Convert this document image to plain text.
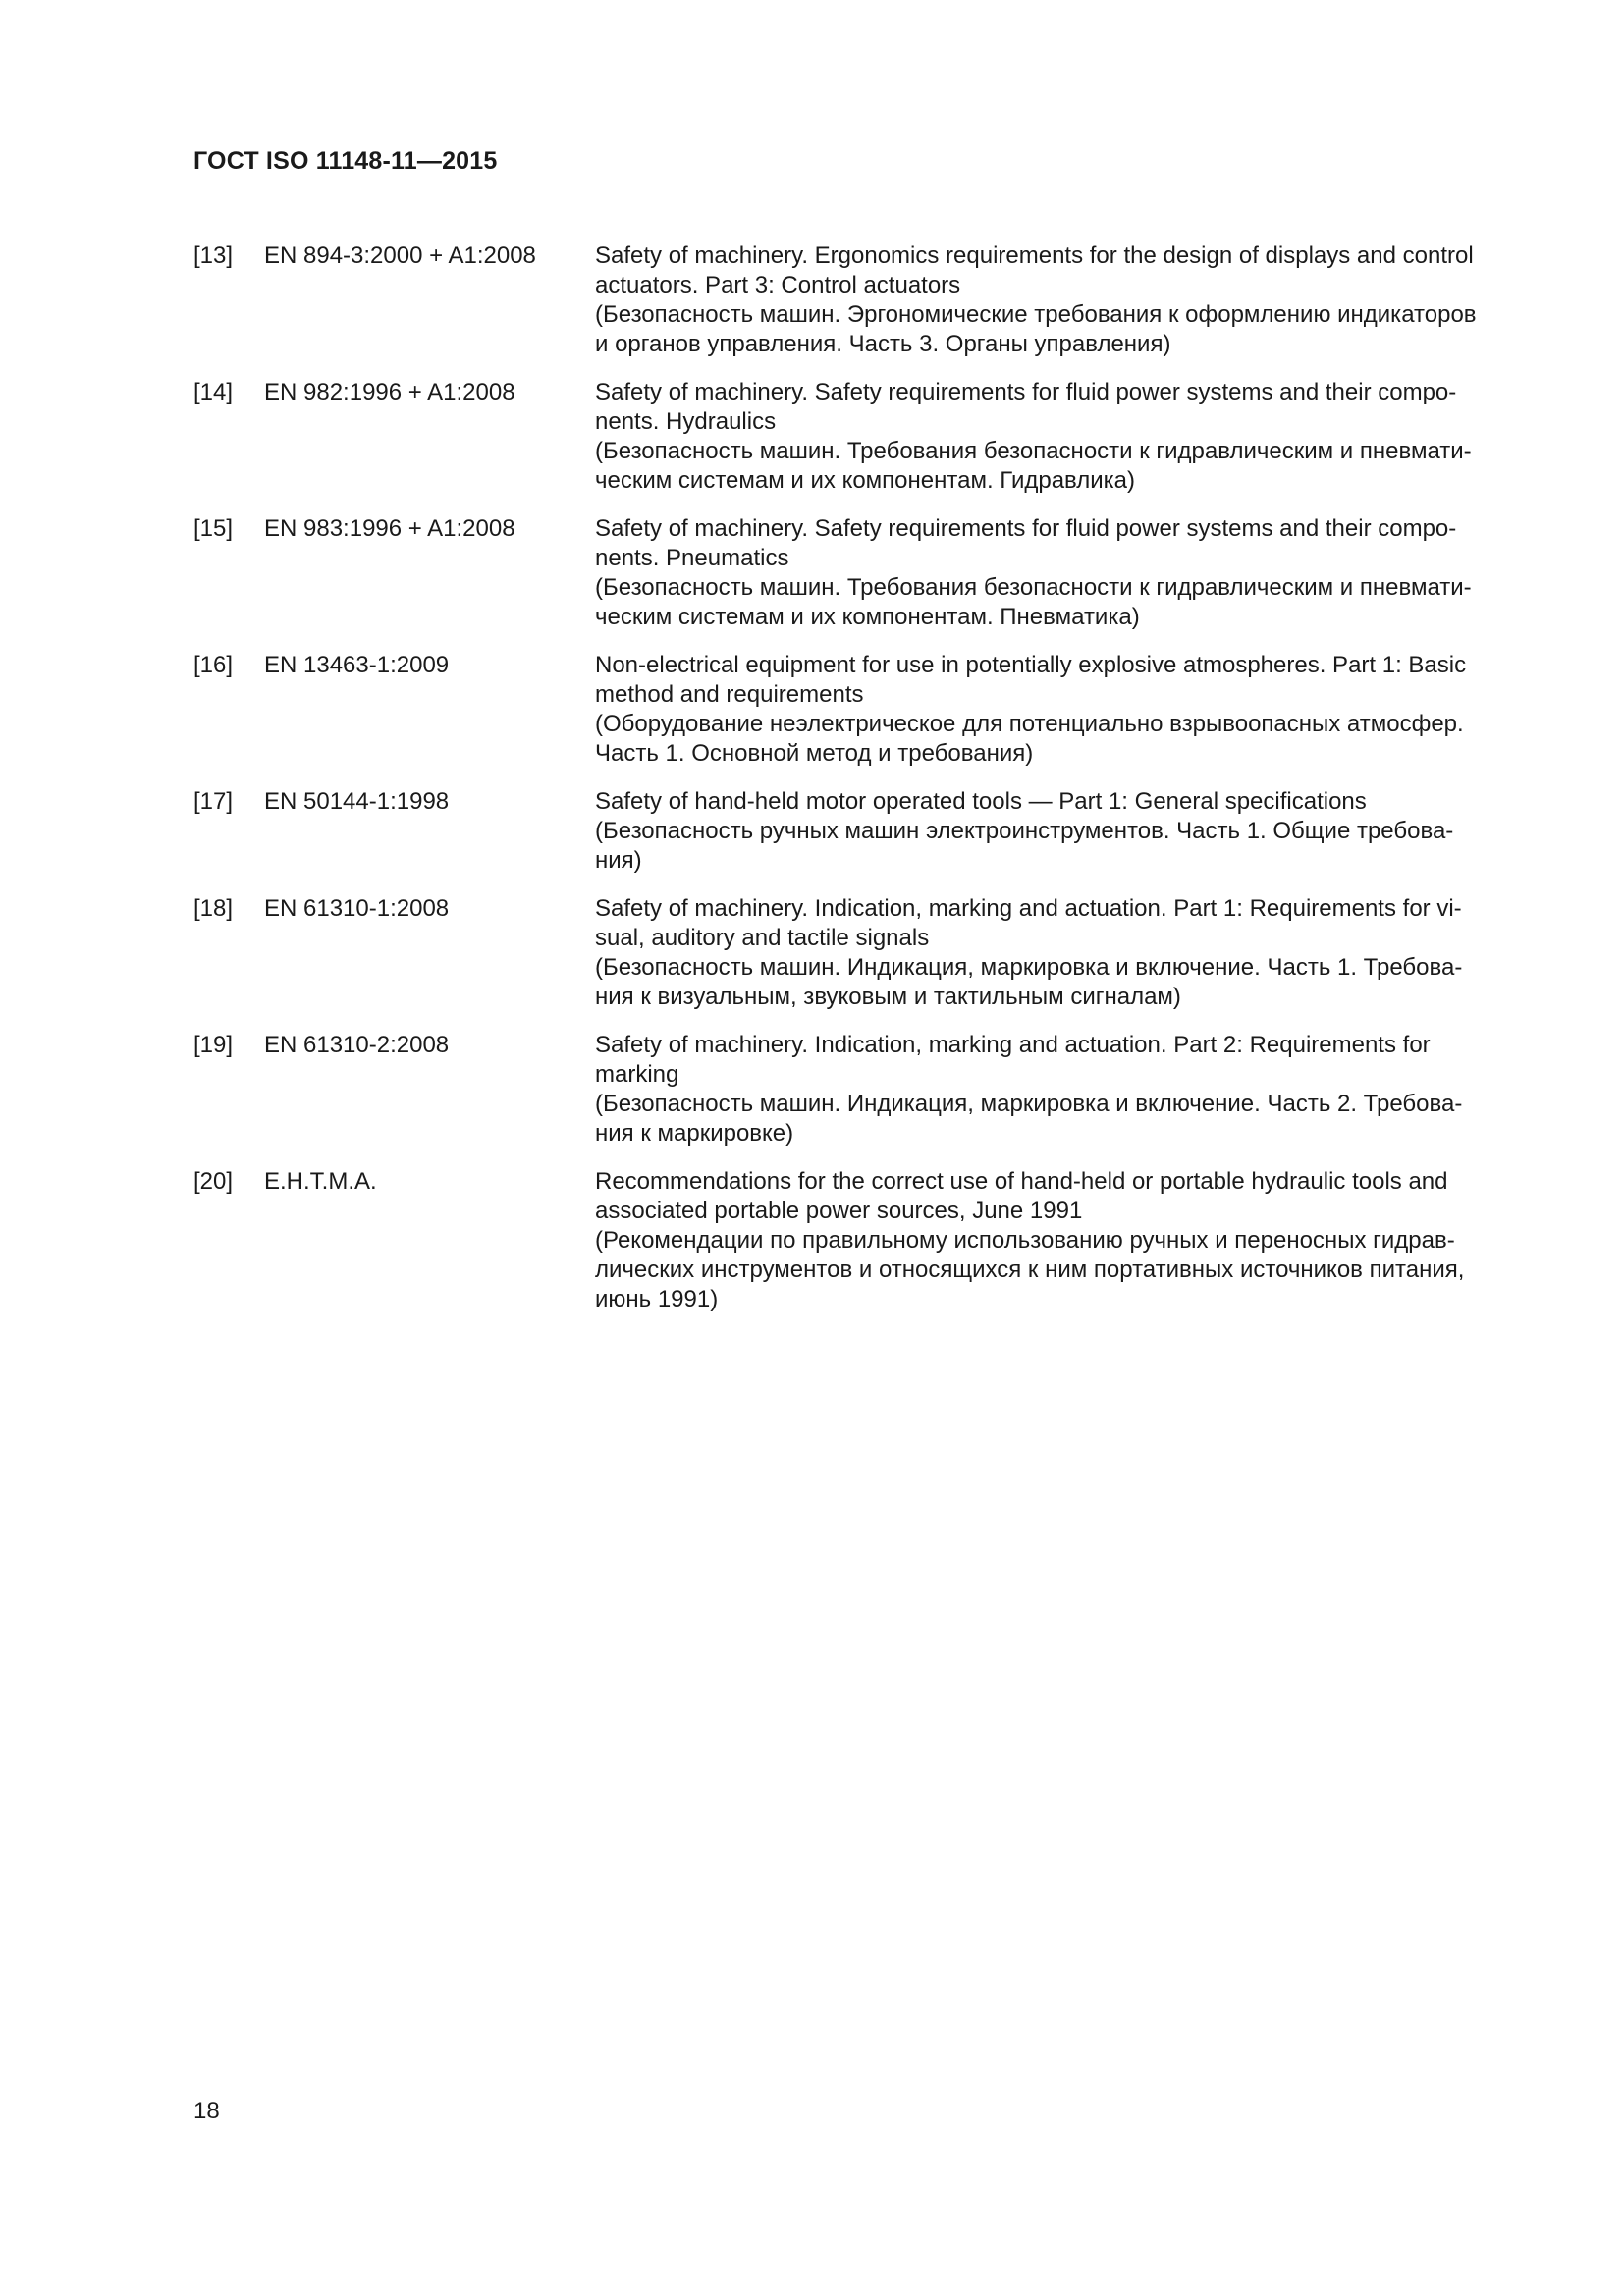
ГОСТ ISO 11148-11—2015
[13]	EN 894-3:2000 + A1:2008	Safety of machinery. Ergonomics requirements for the design of displays and control
actuators. Part 3: Control actuators
(Безопасность машин. Эргономические требования к оформлению индикаторов
и органов управления. Часть 3. Органы управления)
[14]	EN 982:1996 + A1:2008	Safety of machinery. Safety requirements for fluid power systems and their compo-
nents. Hydraulics
(Безопасность машин. Требования безопасности к гидравлическим и пневмати-
ческим системам и их компонентам. Гидравлика)
[15]	EN 983:1996 + A1:2008	Safety of machinery. Safety requirements for fluid power systems and their compo-
nents. Pneumatics
(Безопасность машин. Требования безопасности к гидравлическим и пневмати-
ческим системам и их компонентам. Пневматика)
[16]	EN 13463-1:2009	Non-electrical equipment for use in potentially explosive atmospheres. Part 1: Basic
method and requirements
(Оборудование неэлектрическое для потенциально взрывоопасных атмосфер.
Часть 1. Основной метод и требования)
[17]	EN 50144-1:1998	Safety of hand-held motor operated tools — Part 1: General specifications
(Безопасность ручных машин электроинструментов. Часть 1. Общие требова-
ния)
[18]	EN 61310-1:2008	Safety of machinery. Indication, marking and actuation. Part 1: Requirements for vi-
sual, auditory and tactile signals
(Безопасность машин. Индикация, маркировка и включение. Часть 1. Требова-
ния к визуальным, звуковым и тактильным сигналам)
[19]	EN 61310-2:2008	Safety of machinery. Indication, marking and actuation. Part 2: Requirements for
marking
(Безопасность машин. Индикация, маркировка и включение. Часть 2. Требова-
ния к маркировке)
[20]	E.H.T.M.A.	Recommendations for the correct use of hand-held or portable hydraulic tools and
associated portable power sources, June 1991
(Рекомендации по правильному использованию ручных и переносных гидрав-
лических инструментов и относящихся к ним портативных источников питания,
июнь 1991)
18
